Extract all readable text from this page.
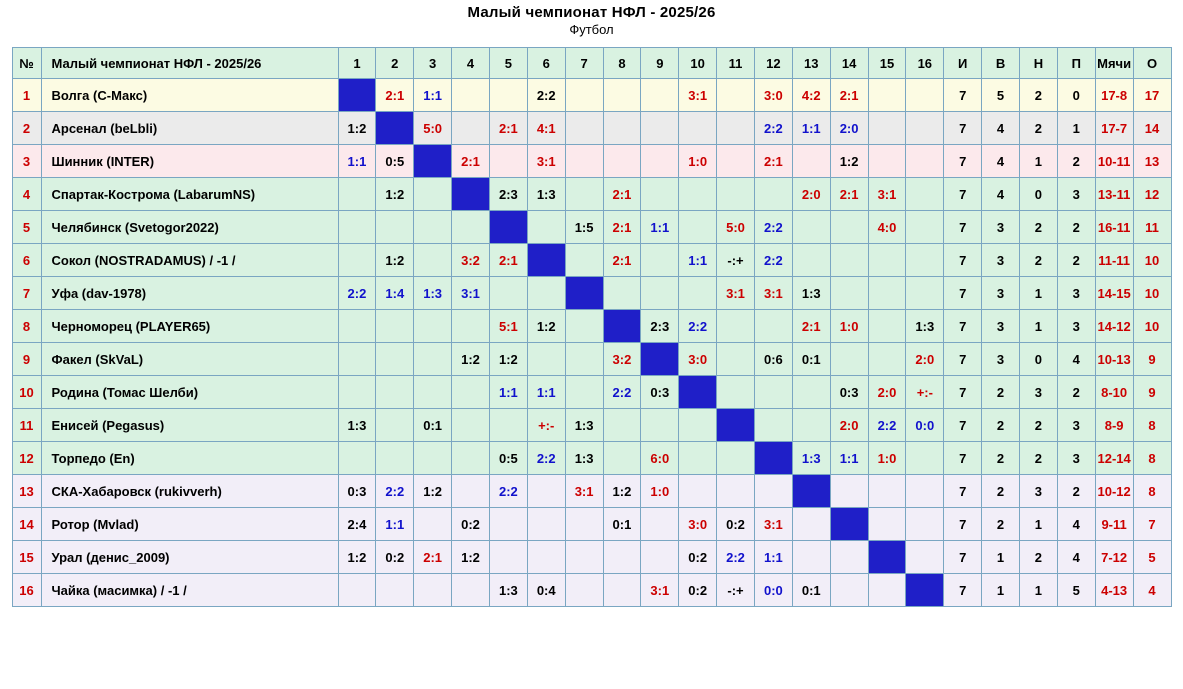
Малый чемпионат НФЛ - 2025/26
Футбол
№	Малый чемпионат НФЛ - 2025/26	1	2	3	4	5	6	7	8	9	10	11	12	13	14	15	16	И	В	Н	П	Мячи	О
1	Волга (С-Макс)		2:1	1:1			2:2				3:1		3:0	4:2	2:1			7	5	2	0	17-8	17
2	Арсенал (beLbli)	1:2		5:0		2:1	4:1						2:2	1:1	2:0			7	4	2	1	17-7	14
3	Шинник (INTER)	1:1	0:5		2:1		3:1				1:0		2:1		1:2			7	4	1	2	10-11	13
4	Спартак-Кострома (LabarumNS)		1:2			2:3	1:3		2:1					2:0	2:1	3:1		7	4	0	3	13-11	12
5	Челябинск (Svetogor2022)							1:5	2:1	1:1		5:0	2:2			4:0		7	3	2	2	16-11	11
6	Сокол (NOSTRADAMUS) / -1 /		1:2		3:2	2:1			2:1		1:1	-:+	2:2					7	3	2	2	11-11	10
7	Уфа (dav-1978)	2:2	1:4	1:3	3:1							3:1	3:1	1:3				7	3	1	3	14-15	10
8	Черноморец (PLAYER65)					5:1	1:2			2:3	2:2			2:1	1:0		1:3	7	3	1	3	14-12	10
9	Факел (SkVaL)				1:2	1:2			3:2		3:0		0:6	0:1			2:0	7	3	0	4	10-13	9
10	Родина (Томас Шелби)					1:1	1:1		2:2	0:3					0:3	2:0	+:-	7	2	3	2	8-10	9
11	Енисей (Pegasus)	1:3		0:1			+:-	1:3							2:0	2:2	0:0	7	2	2	3	8-9	8
12	Торпедо (Еn)					0:5	2:2	1:3		6:0				1:3	1:1	1:0		7	2	2	3	12-14	8
13	СКА-Хабаровск (rukivverh)	0:3	2:2	1:2		2:2		3:1	1:2	1:0								7	2	3	2	10-12	8
14	Ротор (Mvlad)	2:4	1:1		0:2				0:1		3:0	0:2	3:1					7	2	1	4	9-11	7
15	Урал (денис_2009)	1:2	0:2	2:1	1:2						0:2	2:2	1:1					7	1	2	4	7-12	5
16	Чайка (масимка) / -1 /					1:3	0:4			3:1	0:2	-:+	0:0	0:1				7	1	1	5	4-13	4
